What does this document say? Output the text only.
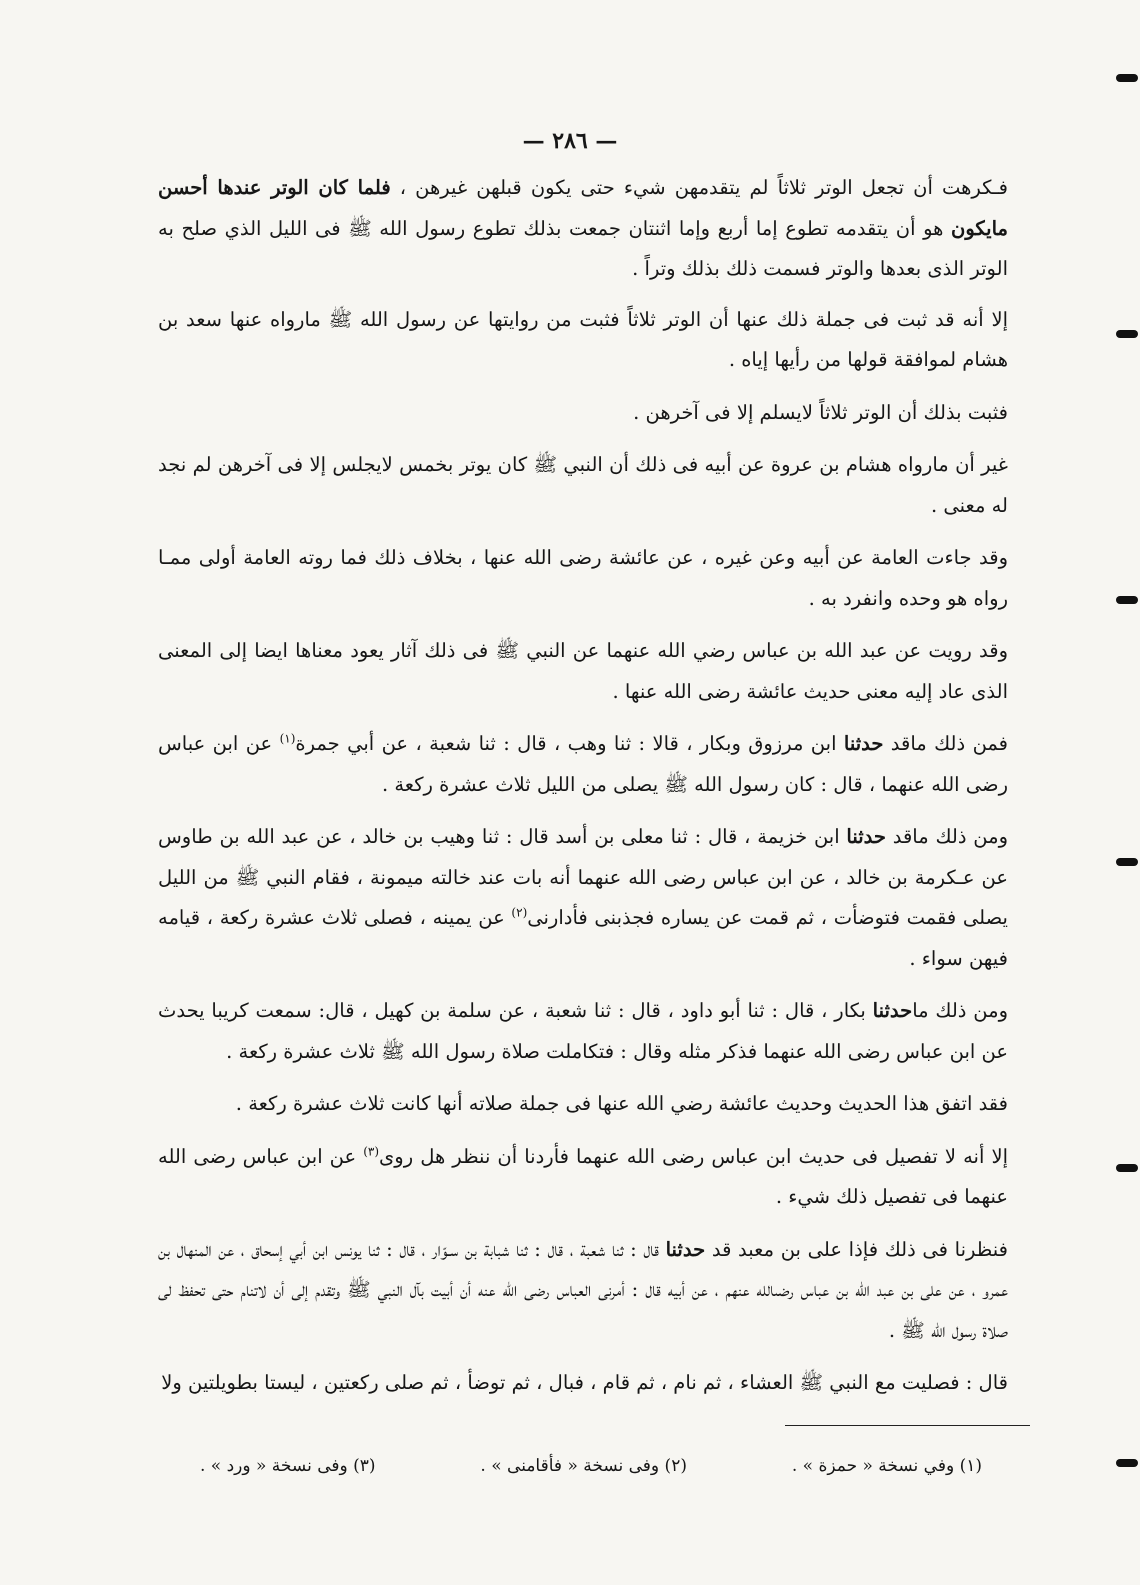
— ٢٨٦ —

فـكرهت أن تجعل الوتر ثلاثاً لم يتقدمهن شيء حتى يكون قبلهن غيرهن ، فلما كان الوتر عندها أحسن مايكون هو أن يتقدمه تطوع إما أربع وإما اثنتان جمعت بذلك تطوع رسول الله ﷺ فى الليل الذي صلح به الوتر الذى بعدها والوتر فسمت ذلك بذلك وتراً .

إلا أنه قد ثبت فى جملة ذلك عنها أن الوتر ثلاثاً فثبت من روايتها عن رسول الله ﷺ مارواه عنها سعد بن هشام لموافقة قولها من رأيها إياه .

فثبت بذلك أن الوتر ثلاثاً لايسلم إلا فى آخرهن .

غير أن مارواه هشام بن عروة عن أبيه فى ذلك أن النبي ﷺ كان يوتر بخمس لايجلس إلا فى آخرهن لم نجد له معنى .

وقد جاءت العامة عن أبيه وعن غيره ، عن عائشة رضى الله عنها ، بخلاف ذلك فما روته العامة أولى ممـا رواه هو وحده وانفرد به .

وقد رويت عن عبد الله بن عباس رضي الله عنهما عن النبي ﷺ فى ذلك آثار يعود معناها ايضا إلى المعنى الذى عاد إليه معنى حديث عائشة رضى الله عنها .

فمن ذلك ماقد حدثنا ابن مرزوق وبكار ، قالا : ثنا وهب ، قال : ثنا شعبة ، عن أبي جمرة$^{(١)}$ عن ابن عباس رضى الله عنهما ، قال : كان رسول الله ﷺ يصلى من الليل ثلاث عشرة ركعة .

ومن ذلك ماقد حدثنا ابن خزيمة ، قال : ثنا معلى بن أسد قال : ثنا وهيب بن خالد ، عن عبد الله بن طاوس عن عـكرمة بن خالد ، عن ابن عباس رضى الله عنهما أنه بات عند خالته ميمونة ، فقام النبي ﷺ من الليل يصلى فقمت فتوضأت ، ثم قمت عن يساره فجذبنى فأدارنى$^{(٢)}$ عن يمينه ، فصلى ثلاث عشرة ركعة ، قيامه فيهن سواء .

ومن ذلك ماحدثنا بكار ، قال : ثنا أبو داود ، قال : ثنا شعبة ، عن سلمة بن كهيل ، قال: سمعت كريبا يحدث عن ابن عباس رضى الله عنهما فذكر مثله وقال : فتكاملت صلاة رسول الله ﷺ ثلاث عشرة ركعة .

فقد اتفق هذا الحديث وحديث عائشة رضي الله عنها فى جملة صلاته أنها كانت ثلاث عشرة ركعة .

إلا أنه لا تفصيل فى حديث ابن عباس رضى الله عنهما فأردنا أن ننظر هل روى$^{(٣)}$ عن ابن عباس رضى الله عنهما فى تفصيل ذلك شيء .

فنظرنا فى ذلك فإذا على بن معبد قد حدثنا قال : ثنا شعبة ، قال : ثنا شبابة بن سـوّار ، قال : ثنا يونس ابن أبي إسحاق ، عن المنهال بن عمرو ، عن على بن عبد الله بن عباس رضىالله عنهم ، عن أبيه قال : أمرنى العباس رضى الله عنه أن أبيت بآل النبي ﷺ وتقدم إلى أن لاتنام حتى تحفظ لى صلاة رسول الله ﷺ .

قال : فصليت مع النبي ﷺ العشاء ، ثم نام ، ثم قام ، فبال ، ثم توضأ ، ثم صلى ركعتين ، ليستا بطويلتين ولا

(١) وفي نسخة « حمزة » .
(٢) وفى نسخة « فأقامنى » .
(٣) وفى نسخة « ورد » .
